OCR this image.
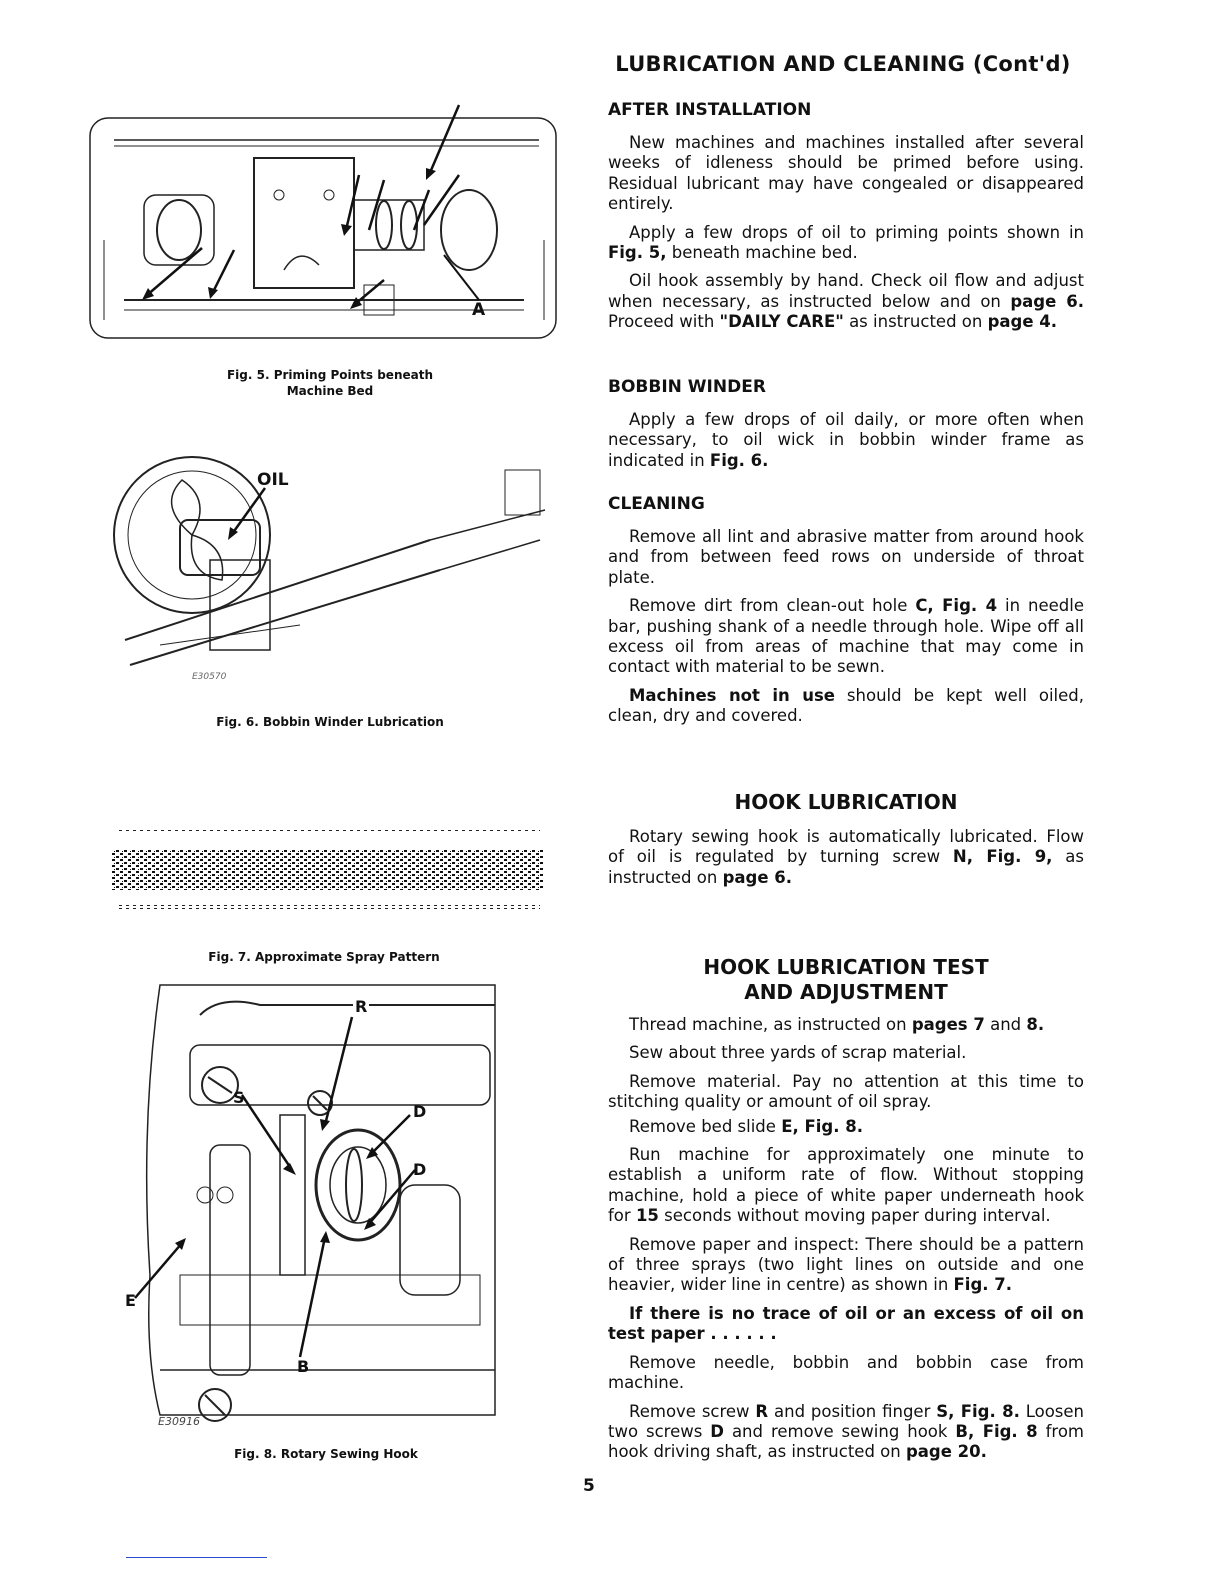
LUBRICATION AND CLEANING (Cont'd)
AFTER INSTALLATION

New machines and machines installed after several weeks of idleness should be primed before using. Residual lubricant may have congealed or disappeared entirely.

Apply a few drops of oil to priming points shown in Fig. 5, beneath machine bed.

Oil hook assembly by hand. Check oil flow and adjust when necessary, as instructed below and on page 6. Proceed with "DAILY CARE" as instructed on page 4.

BOBBIN WINDER

Apply a few drops of oil daily, or more often when necessary, to oil wick in bobbin winder frame as indicated in Fig. 6.

CLEANING

Remove all lint and abrasive matter from around hook and from between feed rows on underside of throat plate.

Remove dirt from clean-out hole C, Fig. 4 in needle bar, pushing shank of a needle through hole. Wipe off all excess oil from areas of machine that may come in contact with material to be sewn.

Machines not in use should be kept well oiled, clean, dry and covered.

HOOK LUBRICATION

Rotary sewing hook is automatically lubricated. Flow of oil is regulated by turning screw N, Fig. 9, as instructed on page 6.

HOOK LUBRICATION TEST
AND ADJUSTMENT

Thread machine, as instructed on pages 7 and 8.

Sew about three yards of scrap material.

Remove material. Pay no attention at this time to stitching quality or amount of oil spray.

Remove bed slide E, Fig. 8.

Run machine for approximately one minute to establish a uniform rate of flow. Without stopping machine, hold a piece of white paper underneath hook for 15 seconds without moving paper during interval.

Remove paper and inspect: There should be a pattern of three sprays (two light lines on outside and one heavier, wider line in centre) as shown in Fig. 7.

If there is no trace of oil or an excess of oil on test paper . . . . . .

Remove needle, bobbin and bobbin case from machine.

Remove screw R and position finger S, Fig. 8. Loosen two screws D and remove sewing hook B, Fig. 8 from hook driving shaft, as instructed on page 20.

A
Fig. 5. Priming Points beneath
Machine Bed
OIL
E30570
Fig. 6. Bobbin Winder Lubrication
Fig. 7. Approximate Spray Pattern
R
S
D
D
E
B
E30916
Fig. 8. Rotary Sewing Hook
5
